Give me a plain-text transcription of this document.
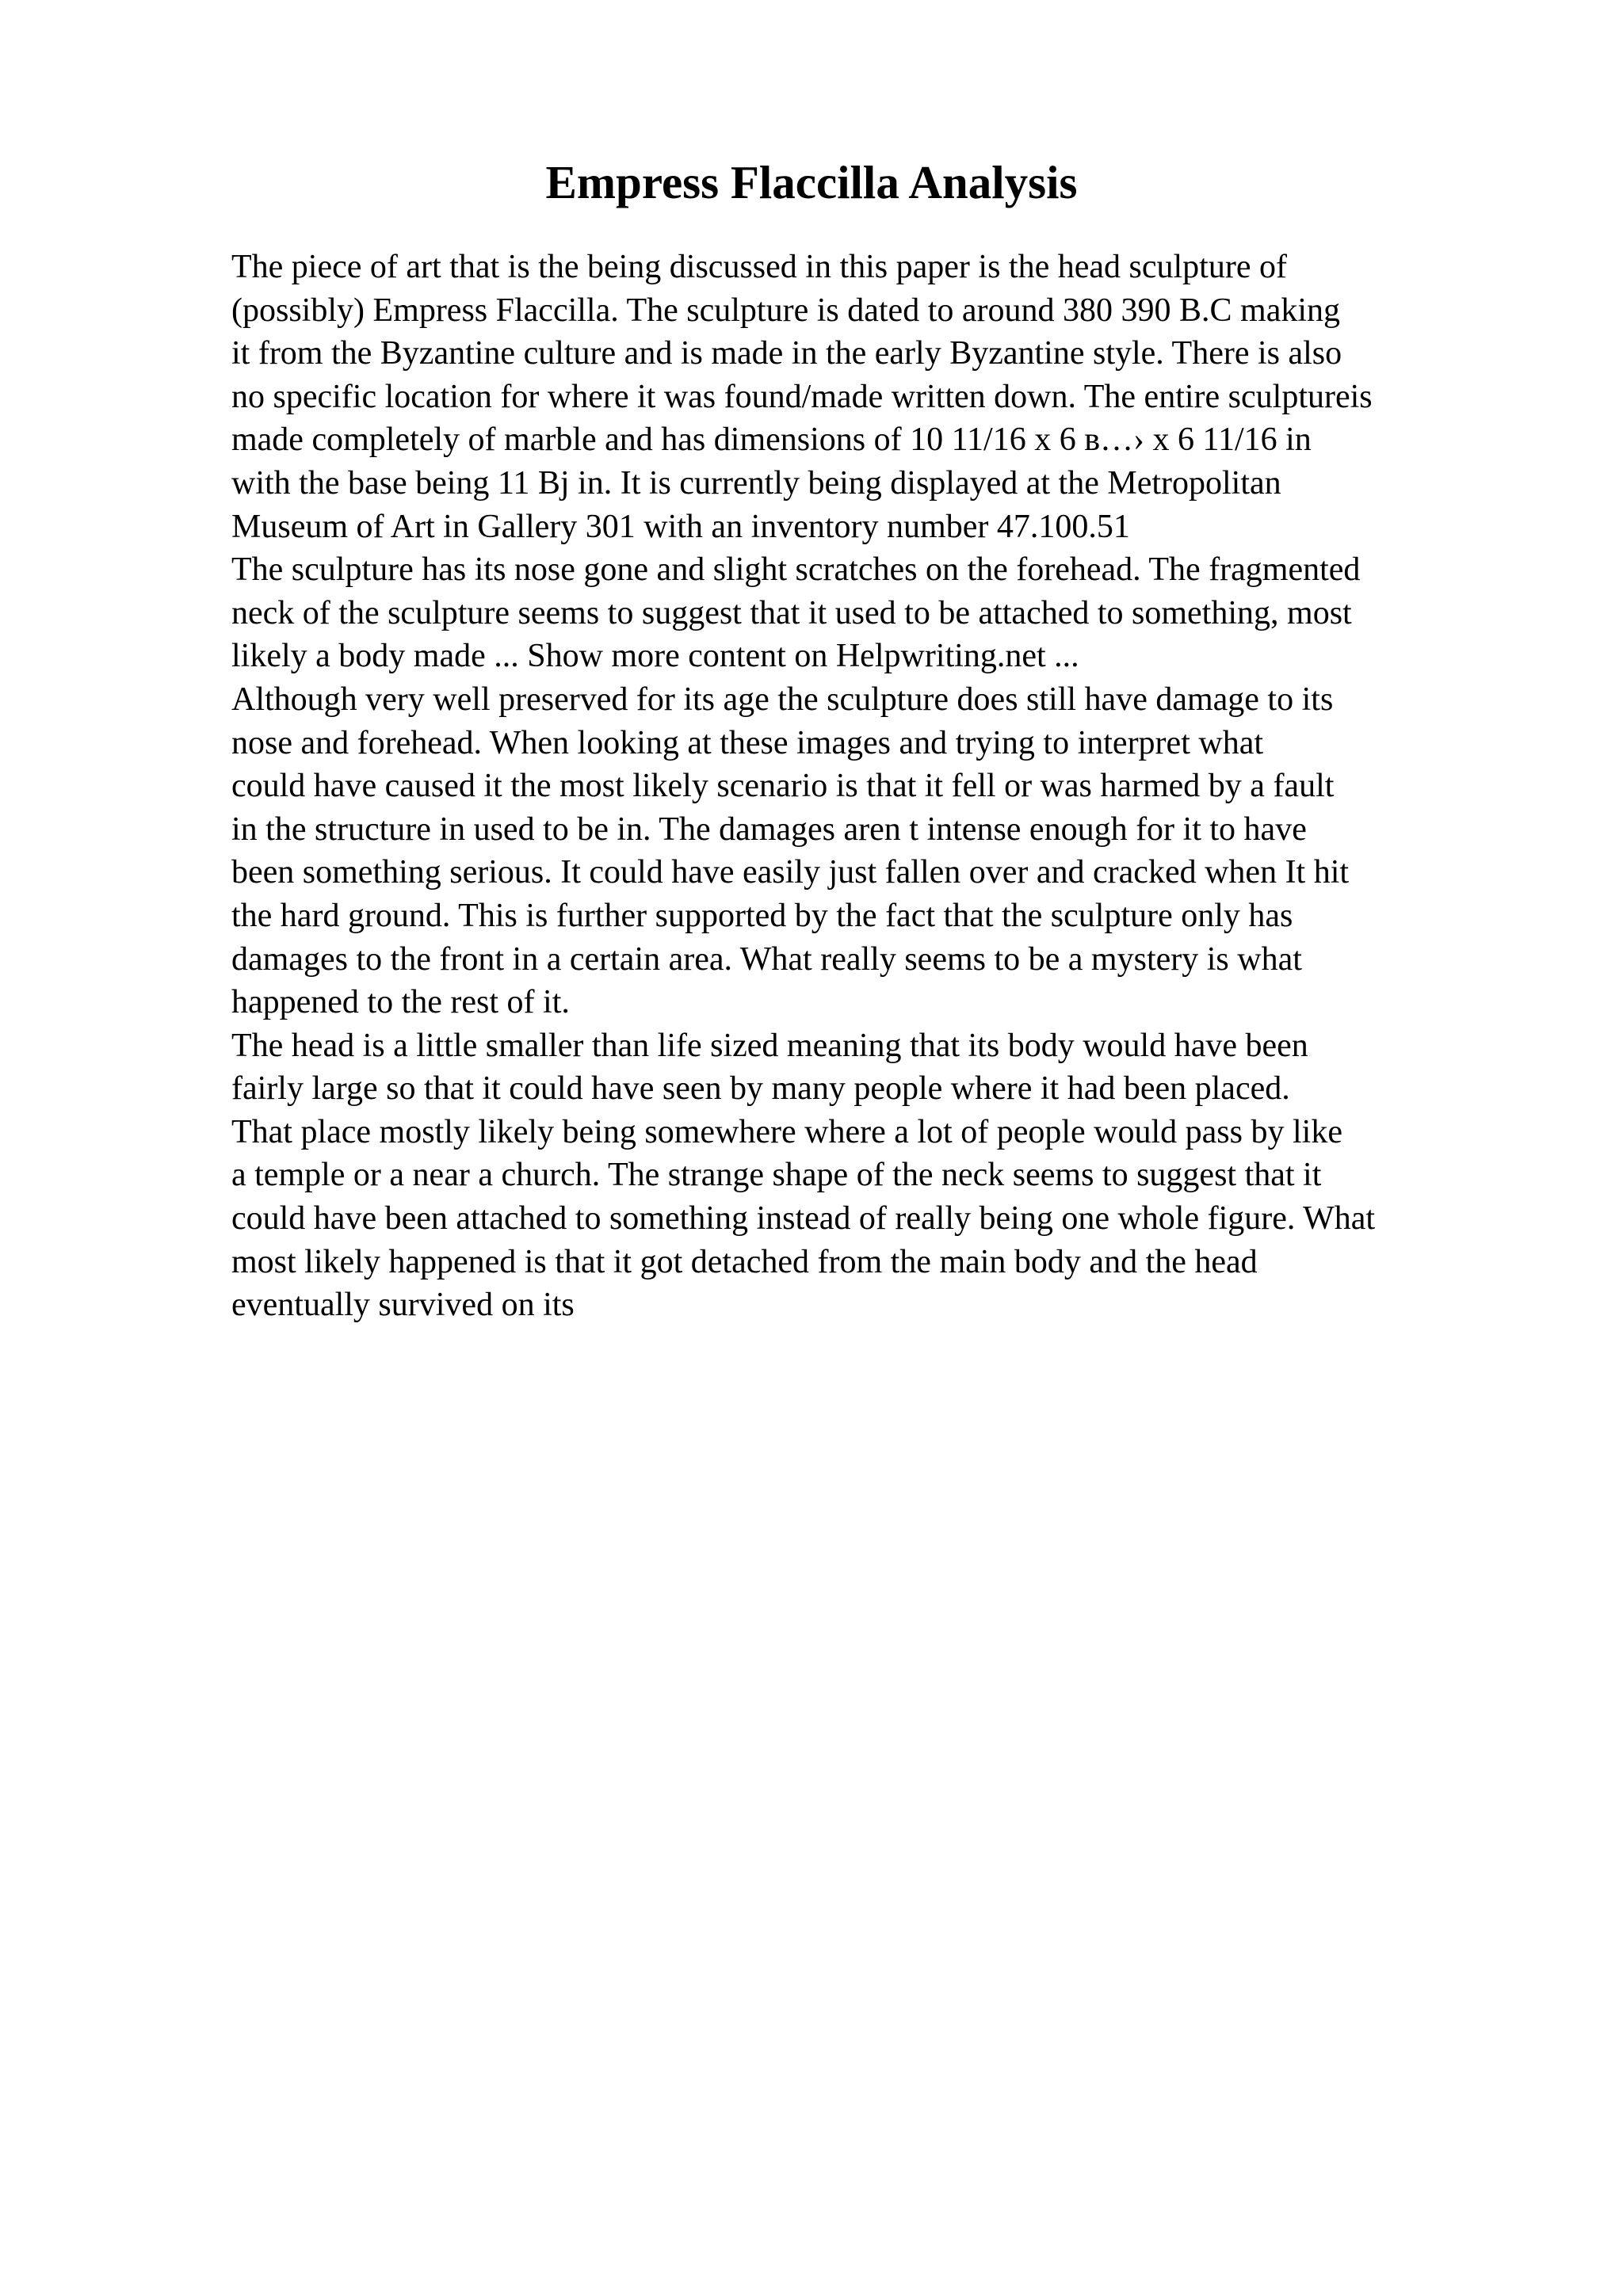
Empress Flaccilla Analysis
The piece of art that is the being discussed in this paper is the head sculpture of
(possibly) Empress Flaccilla. The sculpture is dated to around 380 390 B.C making
it from the Byzantine culture and is made in the early Byzantine style. There is also
no specific location for where it was found/made written down. The entire sculptureis
made completely of marble and has dimensions of 10 11/16 x 6 в…› x 6 11/16 in
with the base being 11 Bj in. It is currently being displayed at the Metropolitan
Museum of Art in Gallery 301 with an inventory number 47.100.51
The sculpture has its nose gone and slight scratches on the forehead. The fragmented
neck of the sculpture seems to suggest that it used to be attached to something, most
likely a body made ... Show more content on Helpwriting.net ...
Although very well preserved for its age the sculpture does still have damage to its
nose and forehead. When looking at these images and trying to interpret what
could have caused it the most likely scenario is that it fell or was harmed by a fault
in the structure in used to be in. The damages aren t intense enough for it to have
been something serious. It could have easily just fallen over and cracked when It hit
the hard ground. This is further supported by the fact that the sculpture only has
damages to the front in a certain area. What really seems to be a mystery is what
happened to the rest of it.
The head is a little smaller than life sized meaning that its body would have been
fairly large so that it could have seen by many people where it had been placed.
That place mostly likely being somewhere where a lot of people would pass by like
a temple or a near a church. The strange shape of the neck seems to suggest that it
could have been attached to something instead of really being one whole figure. What
most likely happened is that it got detached from the main body and the head
eventually survived on its
